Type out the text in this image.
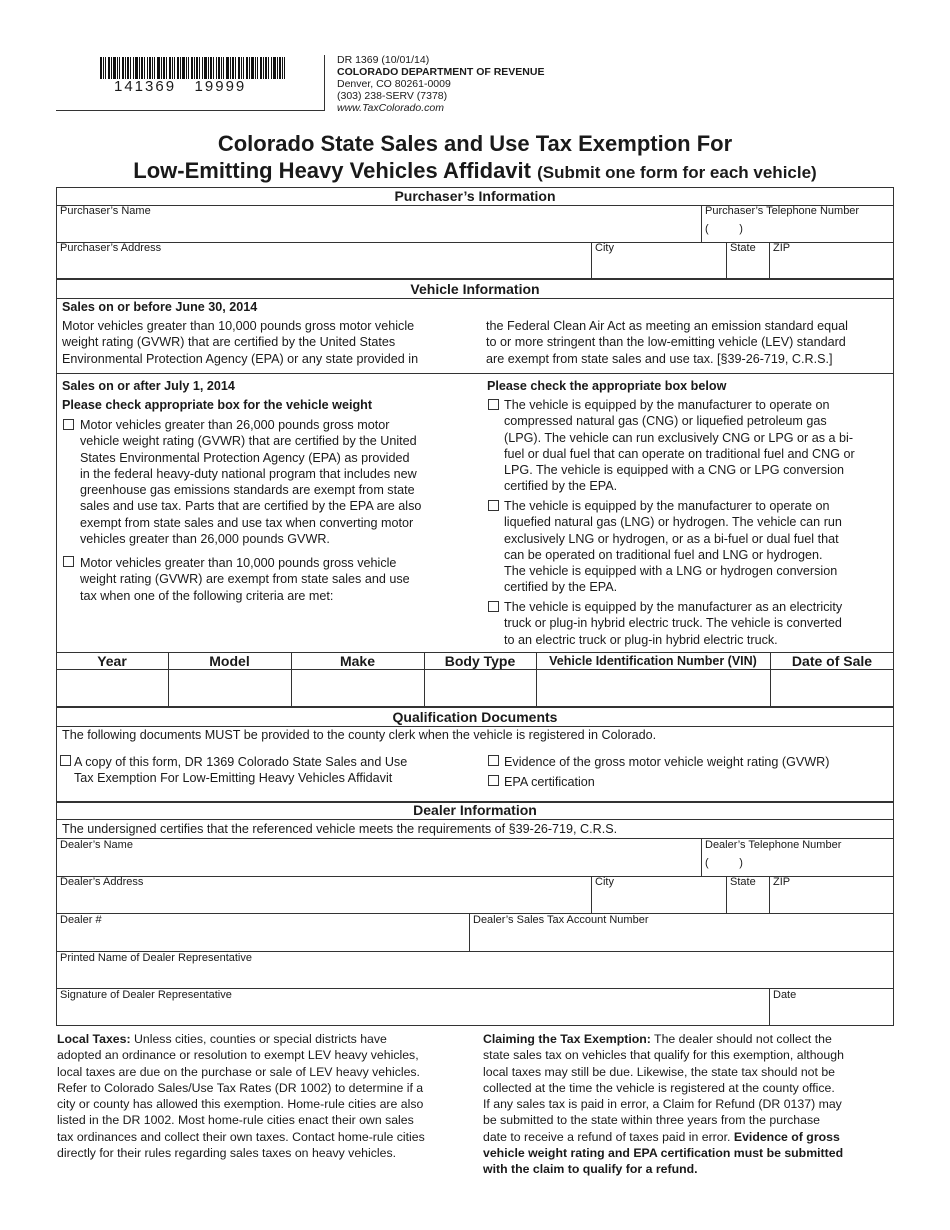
141369   19999
DR 1369 (10/01/14)
COLORADO DEPARTMENT OF REVENUE
Denver, CO 80261-0009
(303) 238-SERV (7378)
www.TaxColorado.com
Colorado State Sales and Use Tax Exemption For
Low-Emitting Heavy Vehicles Affidavit (Submit one form for each vehicle)
Purchaser’s Information
Purchaser’s Name	Purchaser’s Telephone Number
(          )
Purchaser’s Address	City	State ZIP
Vehicle Information
Sales on or before June 30, 2014
Motor vehicles greater than 10,000 pounds gross motor vehicle
weight rating (GVWR) that are certified by the United States
Environmental Protection Agency (EPA) or any state provided in
the Federal Clean Air Act as meeting an emission standard equal
to or more stringent than the low-emitting vehicle (LEV) standard
are exempt from state sales and use tax. [§39-26-719, C.R.S.]
Sales on or after July 1, 2014
Please check appropriate box for the vehicle weight
Motor vehicles greater than 26,000 pounds gross motor
vehicle weight rating (GVWR) that are certified by the United
States Environmental Protection Agency (EPA) as provided
in the federal heavy-duty national program that includes new
greenhouse gas emissions standards are exempt from state
sales and use tax. Parts that are certified by the EPA are also
exempt from state sales and use tax when converting motor
vehicles greater than 26,000 pounds GVWR.
Motor vehicles greater than 10,000 pounds gross vehicle
weight rating (GVWR) are exempt from state sales and use
tax when one of the following criteria are met:
Please check the appropriate box below
The vehicle is equipped by the manufacturer to operate on
compressed natural gas (CNG) or liquefied petroleum gas
(LPG). The vehicle can run exclusively CNG or LPG or as a bi-
fuel or dual fuel that can operate on traditional fuel and CNG or
LPG. The vehicle is equipped with a CNG or LPG conversion
certified by the EPA.
The vehicle is equipped by the manufacturer to operate on
liquefied natural gas (LNG) or hydrogen. The vehicle can run
exclusively LNG or hydrogen, or as a bi-fuel or dual fuel that
can be operated on traditional fuel and LNG or hydrogen.
The vehicle is equipped with a LNG or hydrogen conversion
certified by the EPA.
The vehicle is equipped by the manufacturer as an electricity
truck or plug-in hybrid electric truck. The vehicle is converted
to an electric truck or plug-in hybrid electric truck.
Year	Model	Make	Body Type	Vehicle Identification Number (VIN)	Date of Sale
Qualification Documents
The following documents MUST be provided to the county clerk when the vehicle is registered in Colorado.
A copy of this form, DR 1369 Colorado State Sales and Use
Tax Exemption For Low-Emitting Heavy Vehicles Affidavit
Evidence of the gross motor vehicle weight rating (GVWR)
EPA certification
Dealer Information
The undersigned certifies that the referenced vehicle meets the requirements of §39-26-719, C.R.S.
Dealer’s Name	Dealer’s Telephone Number
(          )
Dealer’s Address	City	State ZIP
Dealer #	Dealer’s Sales Tax Account Number
Printed Name of Dealer Representative
Signature of Dealer Representative	Date
Local Taxes: Unless cities, counties or special districts have
adopted an ordinance or resolution to exempt LEV heavy vehicles,
local taxes are due on the purchase or sale of LEV heavy vehicles.
Refer to Colorado Sales/Use Tax Rates (DR 1002) to determine if a
city or county has allowed this exemption. Home-rule cities are also
listed in the DR 1002. Most home-rule cities enact their own sales
tax ordinances and collect their own taxes. Contact home-rule cities
directly for their rules regarding sales taxes on heavy vehicles.
Claiming the Tax Exemption: The dealer should not collect the
state sales tax on vehicles that qualify for this exemption, although
local taxes may still be due. Likewise, the state tax should not be
collected at the time the vehicle is registered at the county office.
If any sales tax is paid in error, a Claim for Refund (DR 0137) may
be submitted to the state within three years from the purchase
date to receive a refund of taxes paid in error. Evidence of gross
vehicle weight rating and EPA certification must be submitted
with the claim to qualify for a refund.
